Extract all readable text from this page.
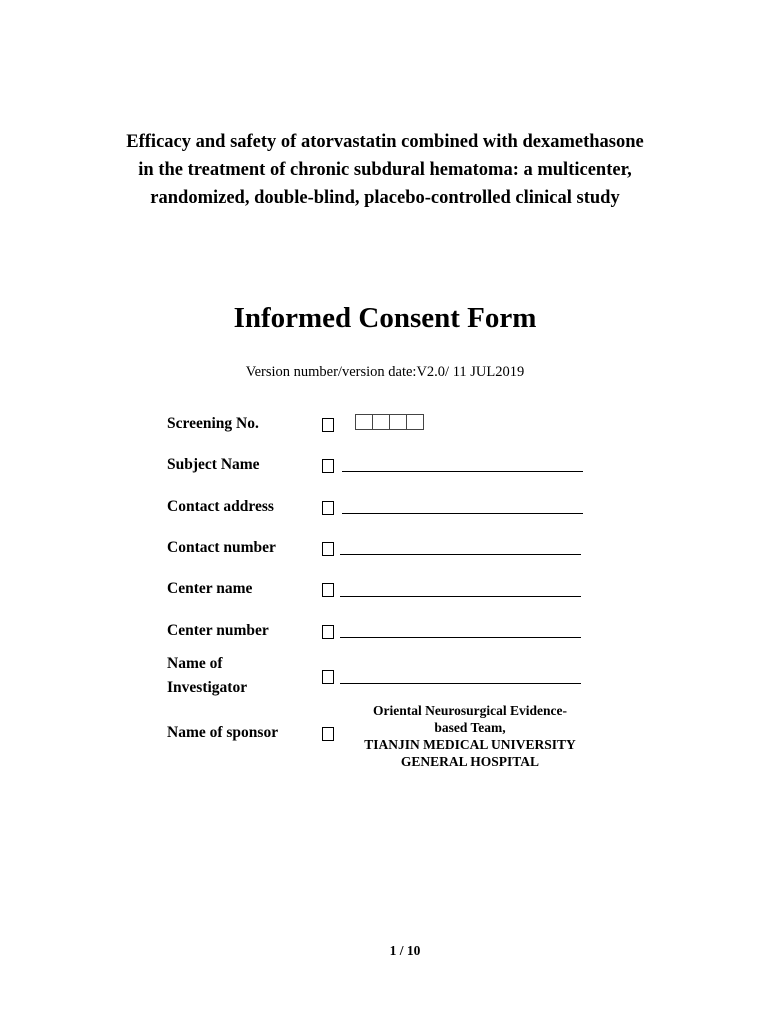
Efficacy and safety of atorvastatin combined with dexamethasone
in the treatment of chronic subdural hematoma: a multicenter,
randomized, double-blind, placebo-controlled clinical study
Informed Consent Form
Version number/version date:V2.0/ 11 JUL2019
Screening No.
Subject Name
Contact address
Contact number
Center name
Center number
Name of
Investigator
Name of sponsor
Oriental Neurosurgical Evidence-
based Team,
TIANJIN MEDICAL UNIVERSITY
GENERAL HOSPITAL
1 / 10
